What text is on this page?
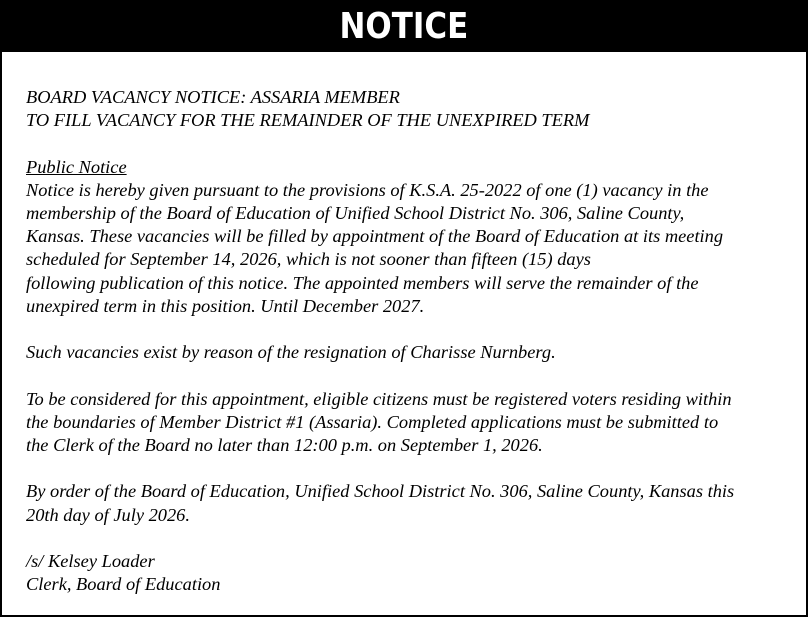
NOTICE
BOARD VACANCY NOTICE: ASSARIA MEMBER
TO FILL VACANCY FOR THE REMAINDER OF THE UNEXPIRED TERM
Public Notice
Notice is hereby given pursuant to the provisions of K.S.A. 25-2022 of one (1) vacancy in the
membership of the Board of Education of Unified School District No. 306, Saline County,
Kansas. These vacancies will be filled by appointment of the Board of Education at its meeting
scheduled for September 14, 2026, which is not sooner than fifteen (15) days
following publication of this notice. The appointed members will serve the remainder of the
unexpired term in this position. Until December 2027.
Such vacancies exist by reason of the resignation of Charisse Nurnberg.
To be considered for this appointment, eligible citizens must be registered voters residing within
the boundaries of Member District #1 (Assaria). Completed applications must be submitted to
the Clerk of the Board no later than 12:00 p.m. on September 1, 2026.
By order of the Board of Education, Unified School District No. 306, Saline County, Kansas this
20th day of July 2026.
/s/ Kelsey Loader
Clerk, Board of Education
